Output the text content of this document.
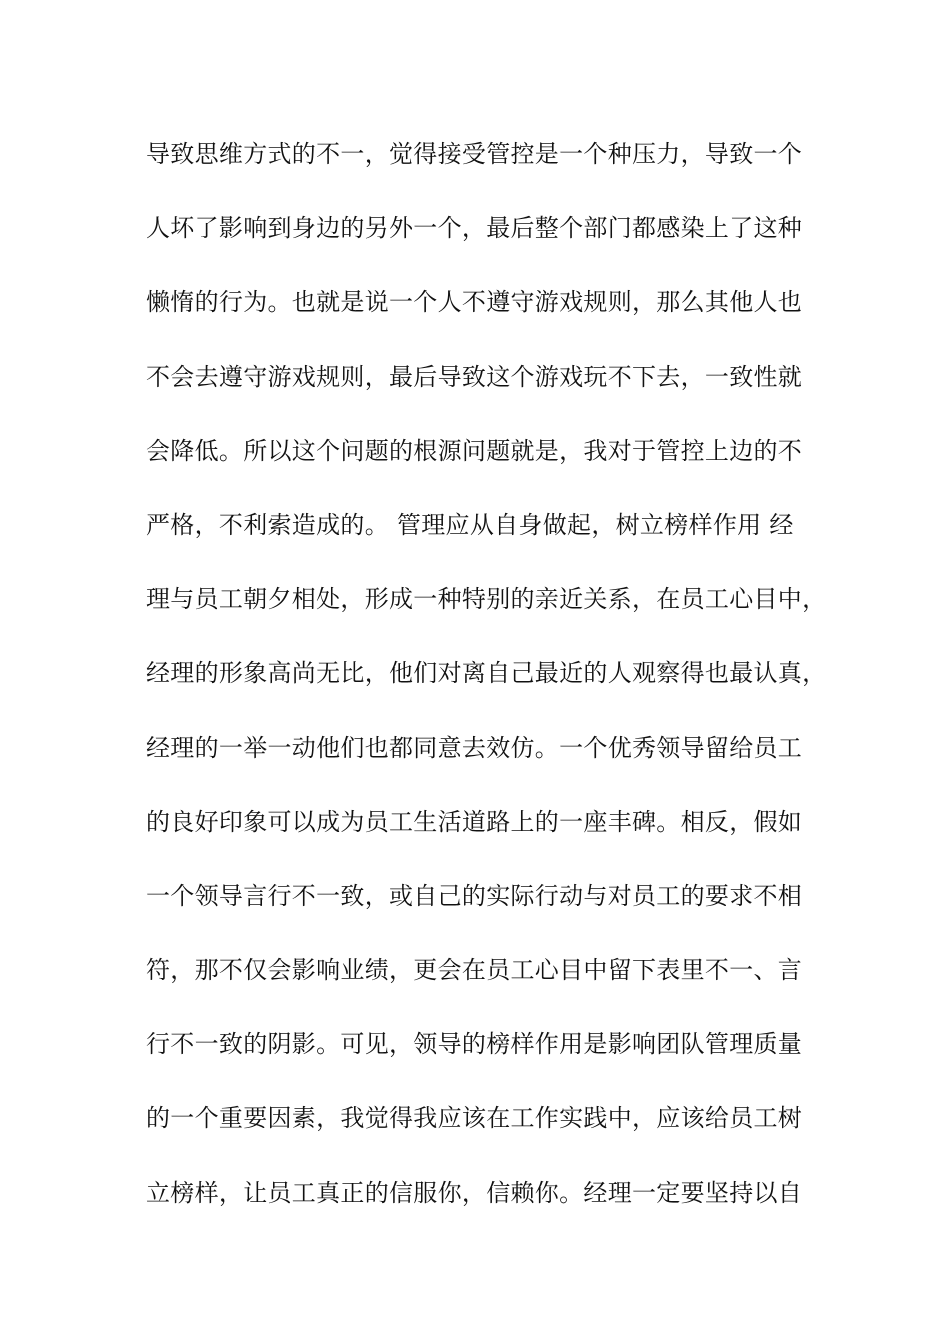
导致思维方式的不一，觉得接受管控是一个种压力，导致一个
人坏了影响到身边的另外一个，最后整个部门都感染上了这种
懒惰的行为。也就是说一个人不遵守游戏规则，那么其他人也
不会去遵守游戏规则，最后导致这个游戏玩不下去，一致性就
会降低。所以这个问题的根源问题就是，我对于管控上边的不
严格，不利索造成的。 管理应从自身做起，树立榜样作用 经
理与员工朝夕相处，形成一种特别的亲近关系，在员工心目中，
经理的形象高尚无比，他们对离自己最近的人观察得也最认真，
经理的一举一动他们也都同意去效仿。一个优秀领导留给员工
的良好印象可以成为员工生活道路上的一座丰碑。相反，假如
一个领导言行不一致，或自己的实际行动与对员工的要求不相
符，那不仅会影响业绩，更会在员工心目中留下表里不一、言
行不一致的阴影。可见，领导的榜样作用是影响团队管理质量
的一个重要因素，我觉得我应该在工作实践中，应该给员工树
立榜样，让员工真正的信服你，信赖你。经理一定要坚持以自
